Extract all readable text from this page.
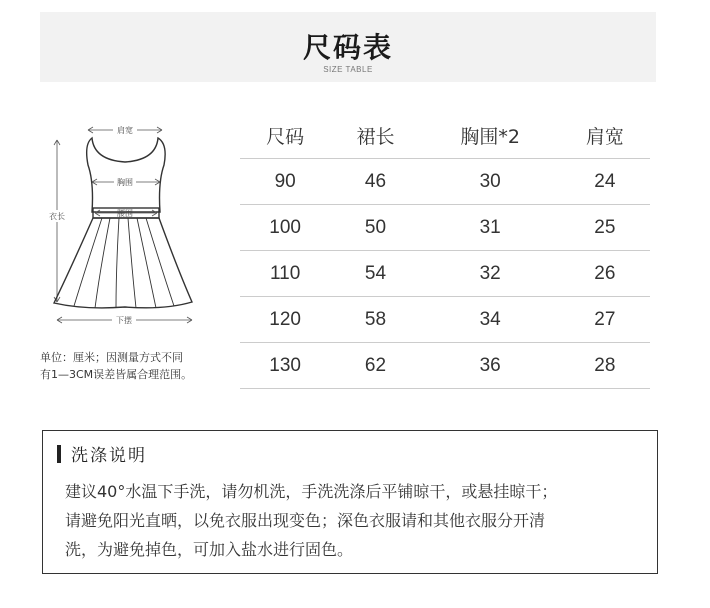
尺码表
SIZE TABLE
肩宽
衣长
胸围
腰围
下摆
单位：厘米；因测量方式不同
有1—3CM误差皆属合理范围。
尺码	裙长	胸围*2	肩宽
90	46	30	24
100	50	31	25
110	54	32	26
120	58	34	27
130	62	36	28
洗涤说明
建议40°水温下手洗，请勿机洗，手洗洗涤后平铺晾干，或悬挂晾干；
请避免阳光直晒，以免衣服出现变色；深色衣服请和其他衣服分开清
洗，为避免掉色，可加入盐水进行固色。
